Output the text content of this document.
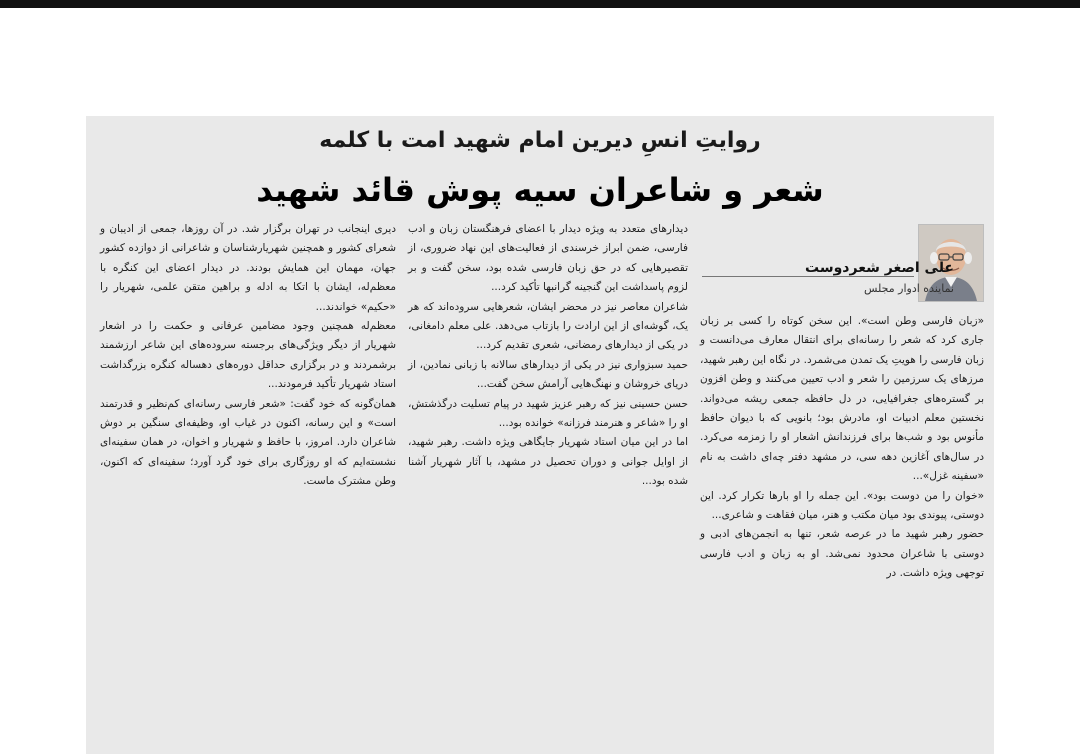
روایتِ انسِ دیرین امام شهید امت با کلمه
شعر و شاعران سیه پوش قائد شهید
علی اصغر شعردوست
نماینده ادوار مجلس

«زبان فارسی وطن است». این سخن کوتاه را کسی بر زبان جاری کرد که شعر را رسانه‌ای برای انتقال معارف می‌دانست و زبان فارسی را هویتِ یک تمدن می‌شمرد. در نگاه این رهبر شهید، مرزهای یک سرزمین را شعر و ادب تعیین می‌کنند و وطن افزون بر گستره‌های جغرافیایی، در دل حافظه جمعی ریشه می‌دواند. نخستین معلم ادبیات او، مادرش بود؛ بانویی که با دیوان حافظ مأنوس بود و شب‌ها برای فرزندانش اشعار او را زمزمه می‌کرد. در سال‌های آغازین دهه سی، در مشهد دفتر چه‌ای داشت به نام «سفینه غزل»...

«خوان را من دوست بود». این جمله را او بارها تکرار کرد. این دوستی، پیوندی بود میان مکتب و هنر، میان فقاهت و شاعری...

حضور رهبر شهید ما در عرصه شعر، تنها به انجمن‌های ادبی و دوستی با شاعران محدود نمی‌شد. او به زبان و ادب فارسی توجهی ویژه داشت. در

دیدارهای متعدد به ویژه دیدار با اعضای فرهنگستان زبان و ادب فارسی، ضمن ابراز خرسندی از فعالیت‌های این نهاد ضروری، از تقصیرهایی که در حق زبان فارسی شده بود، سخن گفت و بر لزوم پاسداشت این گنجینه گرانبها تأکید کرد...

شاعران معاصر نیز در محضر ایشان، شعرهایی سروده‌اند که هر یک، گوشه‌ای از این ارادت را بازتاب می‌دهد. علی معلم دامغانی، در یکی از دیدارهای رمضانی، شعری تقدیم کرد...

حمید سبزواری نیز در یکی از دیدارهای سالانه با زبانی نمادین، از دریای خروشان و نهنگ‌هایی آرامش سخن گفت...

حسن حسینی نیز که رهبر عزیز شهید در پیام تسلیت درگذشتش، او را «شاعر و هنرمند فرزانه» خوانده بود...

اما در این میان استاد شهریار جایگاهی ویژه داشت. رهبر شهید، از اوایل جوانی و دوران تحصیل در مشهد، با آثار شهریار آشنا شده بود...

دیری اینجانب در تهران برگزار شد. در آن روزها، جمعی از ادیبان و شعرای کشور و همچنین شهریارشناسان و شاعرانی از دوازده کشور جهان، مهمان این همایش بودند. در دیدار اعضای این کنگره با معظم‌له، ایشان با اتکا به ادله و براهین متقن علمی، شهریار را «حکیم» خواندند...

معظم‌له همچنین وجود مضامین عرفانی و حکمت را در اشعار شهریار از دیگر ویژگی‌های برجسته سروده‌های این شاعر ارزشمند برشمردند و در برگزاری حداقل دوره‌های دهساله کنگره بزرگداشت استاد شهریار تأکید فرمودند...

همان‌گونه که خود گفت: «شعر فارسی رسانه‌ای کم‌نظیر و قدرتمند است» و این رسانه، اکنون در غیاب او، وظیفه‌ای سنگین بر دوش شاعران دارد. امروز، با حافظ و شهریار و اخوان، در همان سفینه‌ای نشسته‌ایم که او روزگاری برای خود گرد آورد؛ سفینه‌ای که اکنون، وطن مشترک ماست.
